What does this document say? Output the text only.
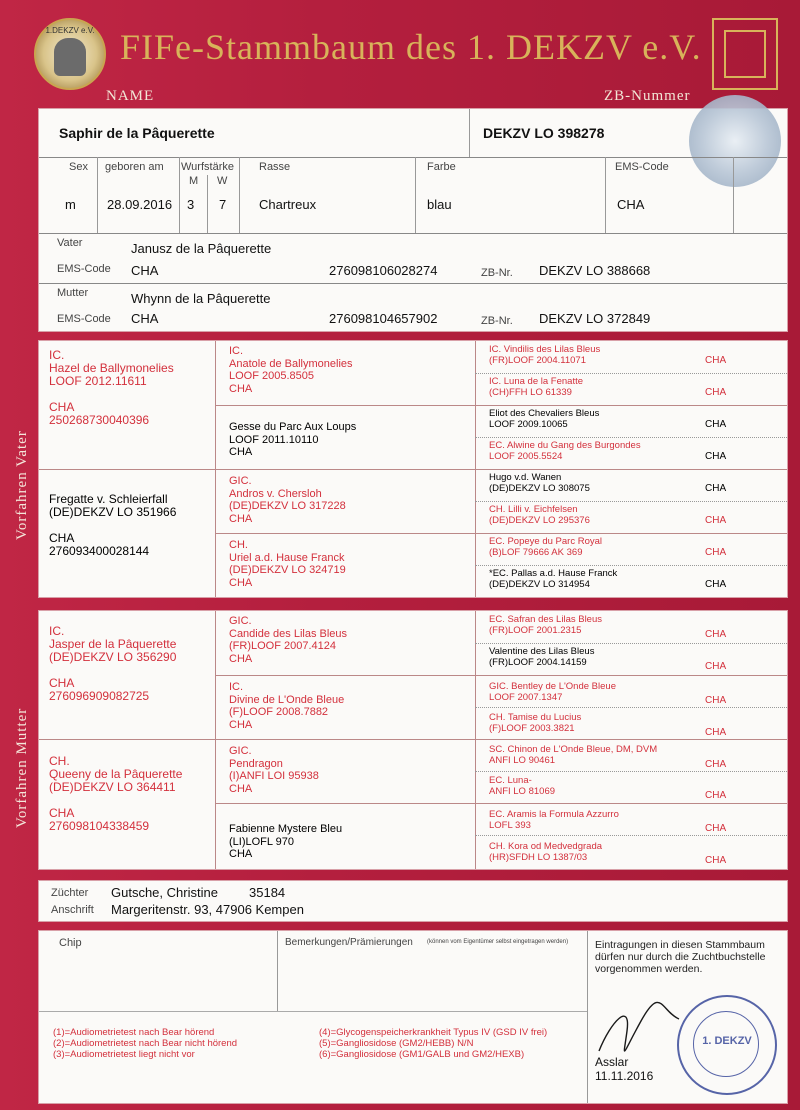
1.DEKZV e.V. FIFe-Stammbaum des 1. DEKZV e.V.
NAME	ZB-Nummer
Saphir de la Pâquerette	DEKZV LO 398278
Sex geboren am Wurfstärke
M W
Rasse	Farbe	EMS-Code
m 28.09.2016 3 7	Chartreux	blau	CHA
Vater	Janusz de la Pâquerette
EMS-Code CHA	276098106028274	ZB-Nr. DEKZV LO 388668
Mutter	Whynn de la Pâquerette
EMS-Code CHA	276098104657902	ZB-Nr. DEKZV LO 372849
Vorfahren Vater
Vorfahren Mutter
IC.
Hazel de Ballymonelies
LOOF 2012.11611

CHA
250268730040396
Fregatte v. Schleierfall
(DE)DEKZV LO 351966

CHA
276093400028144
IC.
Anatole de Ballymonelies
LOOF 2005.8505
CHA
Gesse du Parc Aux Loups
LOOF 2011.10110
CHA
GIC.
Andros v. Chersloh
(DE)DEKZV LO 317228
CHA
CH.
Uriel a.d. Hause Franck
(DE)DEKZV LO 324719
CHA
IC. Vindilis des Lilas Bleus
(FR)LOOF 2004.11071	CHA
IC. Luna de la Fenatte
(CH)FFH LO 61339	CHA
Eliot des Chevaliers Bleus
LOOF 2009.10065	CHA
EC. Alwine du Gang des Burgondes
LOOF 2005.5524	CHA
Hugo v.d. Wanen
(DE)DEKZV LO 308075	CHA
CH. Lilli v. Eichfelsen
(DE)DEKZV LO 295376	CHA
EC. Popeye du Parc Royal
(B)LOF 79666 AK 369	CHA
*EC. Pallas a.d. Hause Franck
(DE)DEKZV LO 314954	CHA
IC.
Jasper de la Pâquerette
(DE)DEKZV LO 356290

CHA
276096909082725
CH.
Queeny de la Pâquerette
(DE)DEKZV LO 364411

CHA
276098104338459
GIC.
Candide des Lilas Bleus
(FR)LOOF 2007.4124
CHA
IC.
Divine de L'Onde Bleue
(F)LOOF 2008.7882
CHA
GIC.
Pendragon
(I)ANFI LOI 95938
CHA
Fabienne Mystere Bleu
(LI)LOFL 970
CHA
EC. Safran des Lilas Bleus
(FR)LOOF 2001.2315	CHA
Valentine des Lilas Bleus
(FR)LOOF 2004.14159	CHA
GIC. Bentley de L'Onde Bleue
LOOF 2007.1347	CHA
CH. Tamise du Lucius
(F)LOOF 2003.3821	CHA
SC. Chinon de L'Onde Bleue, DM, DVM
ANFI LO 90461	CHA
EC. Luna-
ANFI LO 81069	CHA
EC. Aramis la Formula Azzurro
LOFL 393	CHA
CH. Kora od Medvedgrada
(HR)SFDH LO 1387/03	CHA
Züchter Gutsche, Christine 35184
Anschrift Margeritenstr. 93, 47906 Kempen
Chip	Bemerkungen/Prämierungen (können vom Eigentümer selbst eingetragen werden)	Eintragungen in diesen Stammbaum dürfen nur durch die Zuchtbuchstelle vorgenommen werden.
(1)=Audiometrietest nach Bear hörend
(2)=Audiometrietest nach Bear nicht hörend
(3)=Audiometrietest liegt nicht vor
(4)=Glycogenspeicherkrankheit Typus IV (GSD IV frei)
(5)=Gangliosidose (GM2/HEBB) N/N
(6)=Gangliosidose (GM1/GALB und GM2/HEXB)
Asslar
11.11.2016
1. DEKZV
